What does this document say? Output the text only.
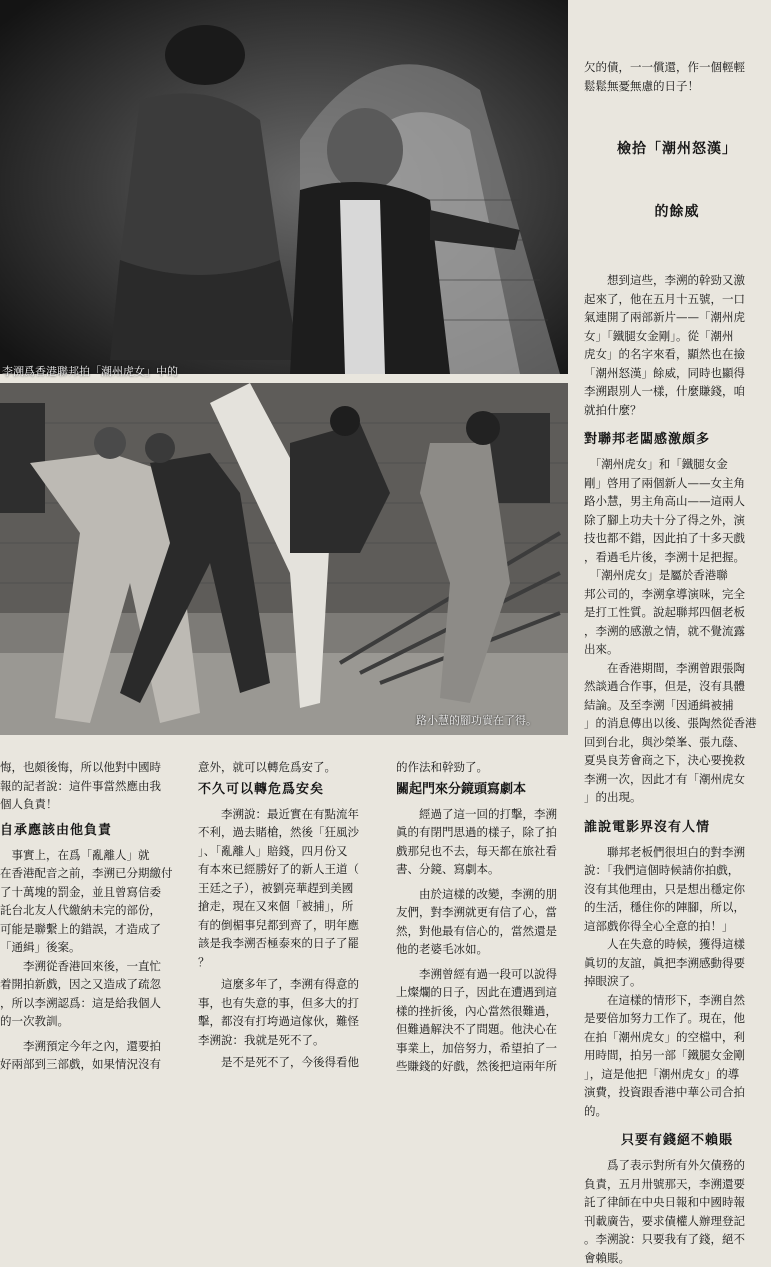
李溯爲香港聯邦拍「潮州虎女」中的

路小慧的腳功實在了得。

欠的債，一一償還，作一個輕輕

鬆鬆無憂無慮的日子！

檢拾「潮州怒漢」

的餘威

　　想到這些，李溯的幹勁又激

起來了，他在五月十五號，一口

氣連開了兩部新片——「潮州虎

女」「鐵腿女金剛」。從「潮州

虎女」的名字來看，顯然也在撿

「潮州怒漢」餘威，同時也顯得

李溯跟別人一樣，什麼賺錢，咱

就拍什麼？

對聯邦老闆感激頗多

　「潮州虎女」和「鐵腿女金

剛」啓用了兩個新人——女主角

路小慧，男主角高山——這兩人

除了腳上功夫十分了得之外，演

技也都不錯，因此拍了十多天戲

，看過毛片後，李溯十足把握。

　「潮州虎女」是屬於香港聯

邦公司的，李溯拿導演咪，完全

是打工性質。說起聯邦四個老板

，李溯的感激之情，就不覺流露

出來。

　　在香港期間，李溯曾跟張陶

然談過合作事，但是，沒有具體

結論。及至李溯「因通緝被捕

」的消息傳出以後、張陶然從香港

回到台北，與沙榮峯、張九蔭、

夏吳良芳會商之下，決心要挽救

李溯一次，因此才有「潮州虎女

」的出現。

誰說電影界沒有人情

　　聯邦老板們很坦白的對李溯

說：「我們這個時候請你拍戲，

沒有其他理由，只是想出穩定你

的生活，穩住你的陣腳，所以，

這部戲你得全心全意的拍！」

　　人在失意的時候，獲得這樣

眞切的友誼，眞把李溯感動得要

掉眼淚了。

　　在這樣的情形下，李溯自然

是要倍加努力工作了。現在，他

在拍「潮州虎女」的空檔中，利

用時間，拍另一部「鐵腿女金剛

」，這是他把「潮州虎女」的導

演費，投資跟香港中華公司合拍

的。

只要有錢絕不賴賬

　　爲了表示對所有外欠債務的

負責，五月卅號那天，李溯還要

託了律師在中央日報和中國時報

刊載廣告，要求債權人辦理登記

。李溯說：只要我有了錢，絕不

會賴賬。

悔，也頗後悔，所以他對中國時

報的記者說：這件事當然應由我

個人負責！

自承應該由他負責

　事實上，在爲「亂離人」就

在香港配音之前，李溯已分期繳付

了十萬塊的罰金，並且曾寫信委

託台北友人代繳納未完的部份，

可能是聯繫上的錯誤，才造成了

「通緝」後案。

　　李溯從香港回來後，一直忙

着開拍新戲，因之又造成了疏忽

，所以李溯認爲：這是給我個人

的一次教訓。

　　李溯預定今年之內，還要拍

好兩部到三部戲，如果情況沒有

意外，就可以轉危爲安了。

不久可以轉危爲安矣

　　李溯說：最近實在有點流年

不利，過去賭槍，然後「狂風沙

」、「亂離人」賠錢，四月份又

有本來已經勝好了的新人王道（

王廷之子），被劉亮華趕到美國

搶走，現在又來個「被捕」，所

有的倒楣事兒都到齊了，明年應

該是我李溯否極泰來的日子了罷

？

　　這麼多年了，李溯有得意的

事，也有失意的事，但多大的打

擊，都沒有打垮過這傢伙，難怪

李溯說：我就是死不了。

　　是不是死不了，今後得看他

的作法和幹勁了。

關起門來分鏡頭寫劇本

　　經過了這一回的打擊，李溯

眞的有閉門思過的樣子，除了拍

戲那兒也不去，每天都在旅社看

書、分鏡、寫劇本。

　　由於這樣的改變，李溯的朋

友們，對李溯就更有信了心，當

然，對他最有信心的，當然還是

他的老婆毛冰如。

　　李溯曾經有過一段可以說得

上燦爛的日子，因此在遭遇到這

樣的挫折後，內心當然很難過，

但難過解決不了問題。他決心在

事業上，加倍努力，希望拍了一

些賺錢的好戲，然後把這兩年所
